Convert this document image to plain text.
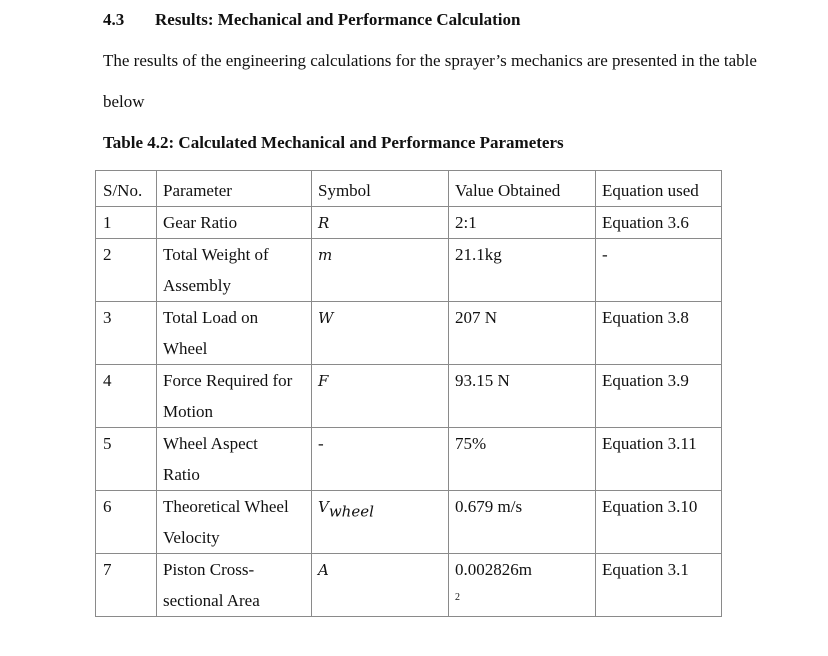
4.3 Results: Mechanical and Performance Calculation
The results of the engineering calculations for the sprayer’s mechanics are presented in the table
below
Table 4.2: Calculated Mechanical and Performance Parameters
S/No.	Parameter	Symbol	Value Obtained	Equation used

1	Gear Ratio	R	2:1	Equation 3.6

2	Total Weight of
Assembly	m	21.1kg	-

3	Total Load on
Wheel	W	207 N	Equation 3.8

4	Force Required for
Motion	F	93.15 N	Equation 3.9

5	Wheel Aspect
Ratio	-	75%	Equation 3.11

6	Theoretical Wheel
Velocity	$V_{wheel}$	0.679 m/s	Equation 3.10

7	Piston Cross-
sectional Area	A	0.002826m
$^2$	Equation 3.1
